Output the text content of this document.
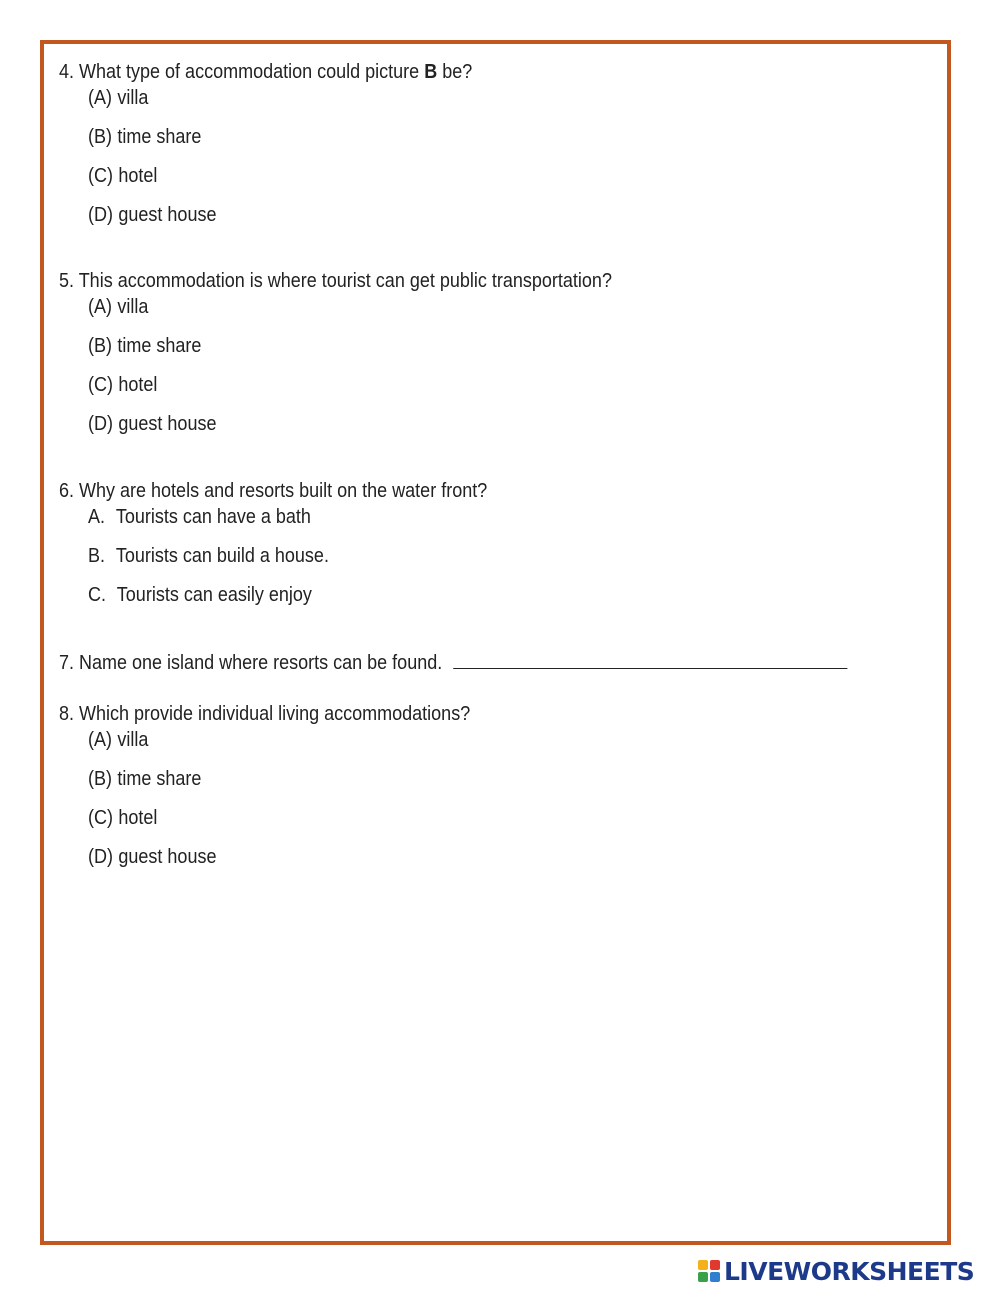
4. What type of accommodation could picture B be?
(A) villa
(B) time share
(C) hotel
(D) guest house
5. This accommodation is where tourist can get public transportation?
(A) villa
(B) time share
(C) hotel
(D) guest house
6. Why are hotels and resorts built on the water front?
A. Tourists can have a bath
B. Tourists can build a house.
C. Tourists can easily enjoy
7. Name one island where resorts can be found.
8. Which provide individual living accommodations?
(A) villa
(B) time share
(C) hotel
(D) guest house
LIVEWORKSHEETS
